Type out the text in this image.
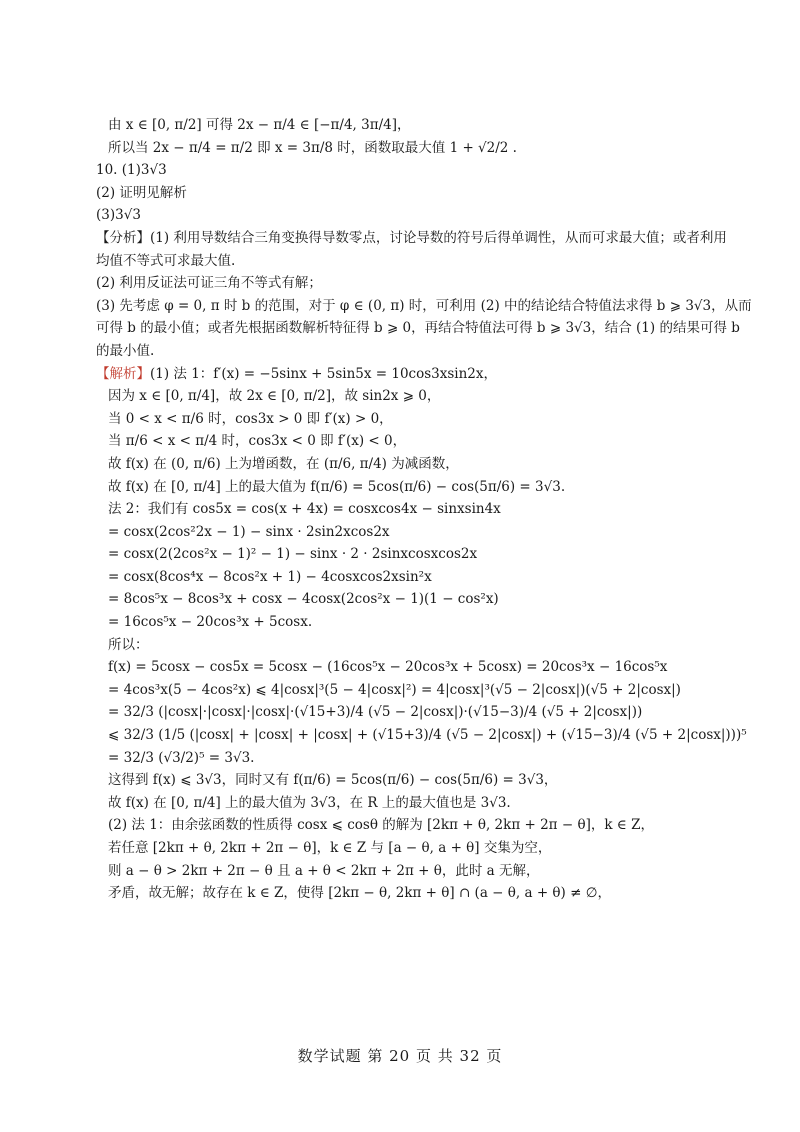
由 x ∈ [0, π/2] 可得 2x − π/4 ∈ [−π/4, 3π/4]，
所以当 2x − π/4 = π/2 即 x = 3π/8 时，函数取最大值 1 + √2/2 .
10. (1)3√3
(2) 证明见解析
(3)3√3
【分析】(1) 利用导数结合三角变换得导数零点，讨论导数的符号后得单调性，从而可求最大值；或者利用
均值不等式可求最大值.
(2) 利用反证法可证三角不等式有解；
(3) 先考虑 φ = 0, π 时 b 的范围，对于 φ ∈ (0, π) 时，可利用 (2) 中的结论结合特值法求得 b ⩾ 3√3，从而
可得 b 的最小值；或者先根据函数解析特征得 b ⩾ 0，再结合特值法可得 b ⩾ 3√3，结合 (1) 的结果可得 b
的最小值.
【解析】(1) 法 1：f′(x) = −5sinx + 5sin5x = 10cos3xsin2x，
因为 x ∈ [0, π/4]，故 2x ∈ [0, π/2]，故 sin2x ⩾ 0，
当 0 < x < π/6 时，cos3x > 0 即 f′(x) > 0，
当 π/6 < x < π/4 时，cos3x < 0 即 f′(x) < 0，
故 f(x) 在 (0, π/6) 上为增函数，在 (π/6, π/4) 为减函数，
故 f(x) 在 [0, π/4] 上的最大值为 f(π/6) = 5cos(π/6) − cos(5π/6) = 3√3.
法 2：我们有 cos5x = cos(x + 4x) = cosxcos4x − sinxsin4x
= cosx(2cos²2x − 1) − sinx · 2sin2xcos2x
= cosx(2(2cos²x − 1)² − 1) − sinx · 2 · 2sinxcosxcos2x
= cosx(8cos⁴x − 8cos²x + 1) − 4cosxcos2xsin²x
= 8cos⁵x − 8cos³x + cosx − 4cosx(2cos²x − 1)(1 − cos²x)
= 16cos⁵x − 20cos³x + 5cosx.
所以：
f(x) = 5cosx − cos5x = 5cosx − (16cos⁵x − 20cos³x + 5cosx) = 20cos³x − 16cos⁵x
= 4cos³x(5 − 4cos²x) ⩽ 4|cosx|³(5 − 4|cosx|²) = 4|cosx|³(√5 − 2|cosx|)(√5 + 2|cosx|)
= 32/3 (|cosx|·|cosx|·|cosx|·(√15+3)/4 (√5 − 2|cosx|)·(√15−3)/4 (√5 + 2|cosx|))
⩽ 32/3 (1/5 (|cosx| + |cosx| + |cosx| + (√15+3)/4 (√5 − 2|cosx|) + (√15−3)/4 (√5 + 2|cosx|)))⁵
= 32/3 (√3/2)⁵ = 3√3.
这得到 f(x) ⩽ 3√3，同时又有 f(π/6) = 5cos(π/6) − cos(5π/6) = 3√3，
故 f(x) 在 [0, π/4] 上的最大值为 3√3，在 R 上的最大值也是 3√3.
(2) 法 1：由余弦函数的性质得 cosx ⩽ cosθ 的解为 [2kπ + θ, 2kπ + 2π − θ]，k ∈ Z，
若任意 [2kπ + θ, 2kπ + 2π − θ]，k ∈ Z 与 [a − θ, a + θ] 交集为空，
则 a − θ > 2kπ + 2π − θ 且 a + θ < 2kπ + 2π + θ，此时 a 无解，
矛盾，故无解；故存在 k ∈ Z，使得 [2kπ − θ, 2kπ + θ] ∩ (a − θ, a + θ) ≠ ∅，
数学试题 第 20 页 共 32 页
